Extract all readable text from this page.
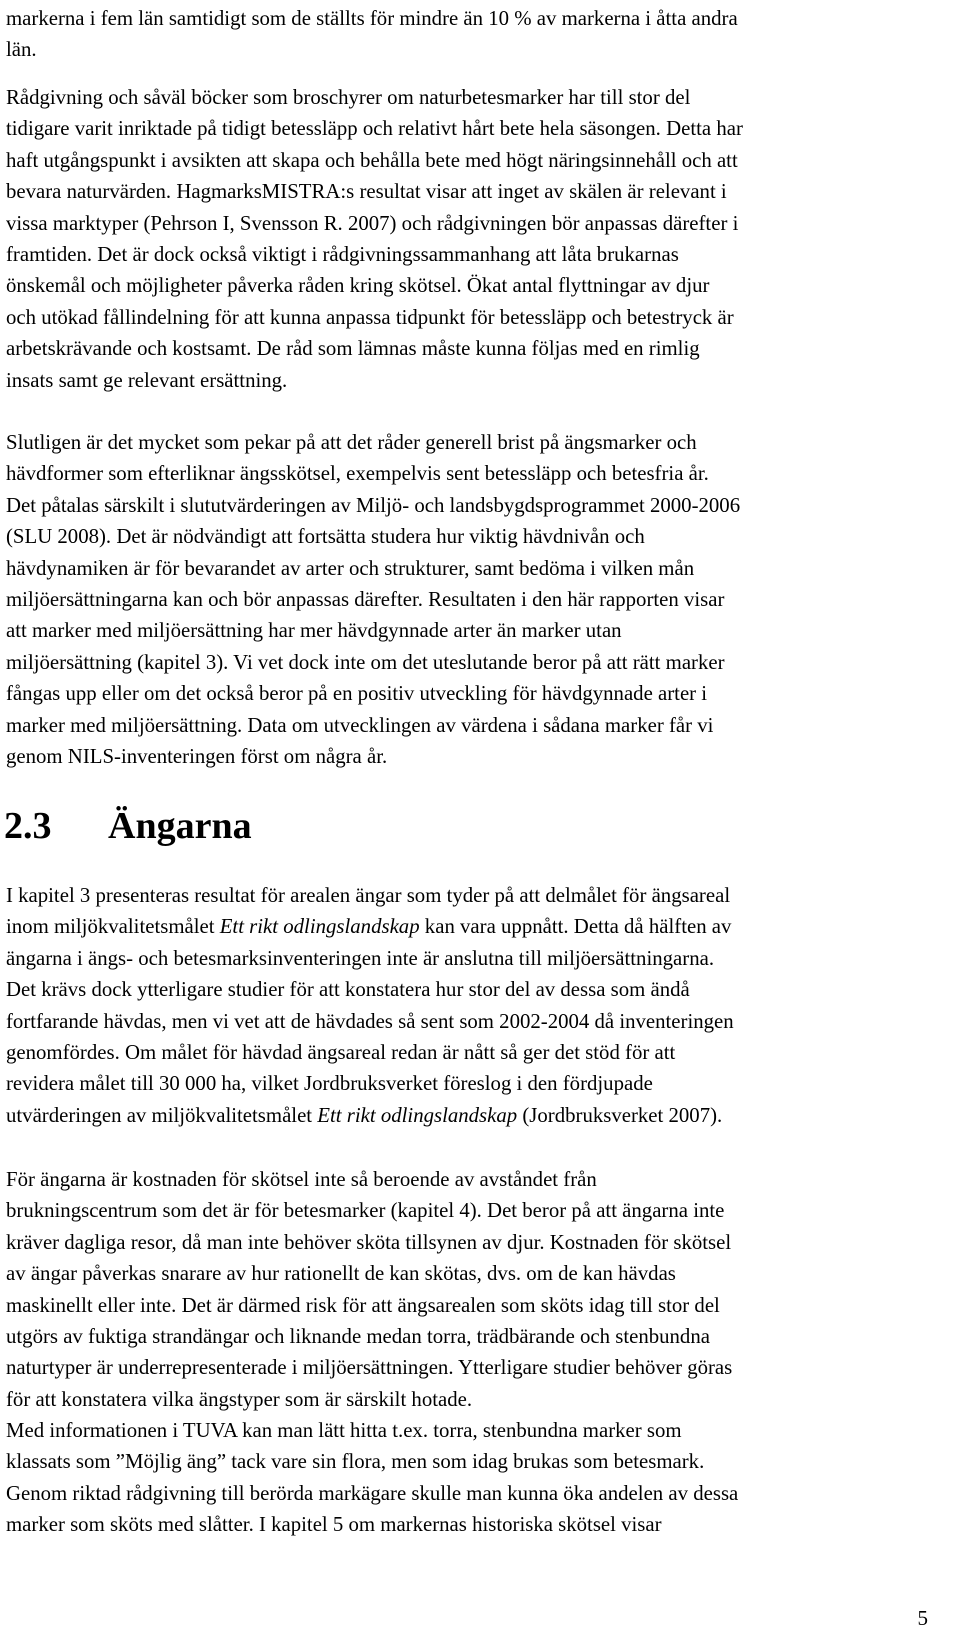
markerna i fem län samtidigt som de ställts för mindre än 10 % av markerna i åtta andra
län.

Rådgivning och såväl böcker som broschyrer om naturbetesmarker har till stor del
tidigare varit inriktade på tidigt betessläpp och relativt hårt bete hela säsongen. Detta har
haft utgångspunkt i avsikten att skapa och behålla bete med högt näringsinnehåll och att
bevara naturvärden. HagmarksMISTRA:s resultat visar att inget av skälen är relevant i
vissa marktyper (Pehrson I, Svensson R. 2007) och rådgivningen bör anpassas därefter i
framtiden. Det är dock också viktigt i rådgivningssammanhang att låta brukarnas
önskemål och möjligheter påverka råden kring skötsel. Ökat antal flyttningar av djur
och utökad fållindelning för att kunna anpassa tidpunkt för betessläpp och betestryck är
arbetskrävande och kostsamt. De råd som lämnas måste kunna följas med en rimlig
insats samt ge relevant ersättning.

Slutligen är det mycket som pekar på att det råder generell brist på ängsmarker och
hävdformer som efterliknar ängsskötsel, exempelvis sent betessläpp och betesfria år.
Det påtalas särskilt i slututvärderingen av Miljö- och landsbygdsprogrammet 2000-2006
(SLU 2008). Det är nödvändigt att fortsätta studera hur viktig hävdnivån och
hävdynamiken är för bevarandet av arter och strukturer, samt bedöma i vilken mån
miljöersättningarna kan och bör anpassas därefter. Resultaten i den här rapporten visar
att marker med miljöersättning har mer hävdgynnade arter än marker utan
miljöersättning (kapitel 3). Vi vet dock inte om det uteslutande beror på att rätt marker
fångas upp eller om det också beror på en positiv utveckling för hävdgynnade arter i
marker med miljöersättning. Data om utvecklingen av värdena i sådana marker får vi
genom NILS-inventeringen först om några år.

2.3 Ängarna

I kapitel 3 presenteras resultat för arealen ängar som tyder på att delmålet för ängsareal
inom miljökvalitetsmålet Ett rikt odlingslandskap kan vara uppnått. Detta då hälften av
ängarna i ängs- och betesmarksinventeringen inte är anslutna till miljöersättningarna.
Det krävs dock ytterligare studier för att konstatera hur stor del av dessa som ändå
fortfarande hävdas, men vi vet att de hävdades så sent som 2002-2004 då inventeringen
genomfördes. Om målet för hävdad ängsareal redan är nått så ger det stöd för att
revidera målet till 30 000 ha, vilket Jordbruksverket föreslog i den fördjupade
utvärderingen av miljökvalitetsmålet Ett rikt odlingslandskap (Jordbruksverket 2007).

För ängarna är kostnaden för skötsel inte så beroende av avståndet från
brukningscentrum som det är för betesmarker (kapitel 4). Det beror på att ängarna inte
kräver dagliga resor, då man inte behöver sköta tillsynen av djur. Kostnaden för skötsel
av ängar påverkas snarare av hur rationellt de kan skötas, dvs. om de kan hävdas
maskinellt eller inte. Det är därmed risk för att ängsarealen som sköts idag till stor del
utgörs av fuktiga strandängar och liknande medan torra, trädbärande och stenbundna
naturtyper är underrepresenterade i miljöersättningen. Ytterligare studier behöver göras
för att konstatera vilka ängstyper som är särskilt hotade.

Med informationen i TUVA kan man lätt hitta t.ex. torra, stenbundna marker som
klassats som ”Möjlig äng” tack vare sin flora, men som idag brukas som betesmark.
Genom riktad rådgivning till berörda markägare skulle man kunna öka andelen av dessa
marker som sköts med slåtter. I kapitel 5 om markernas historiska skötsel visar

5
